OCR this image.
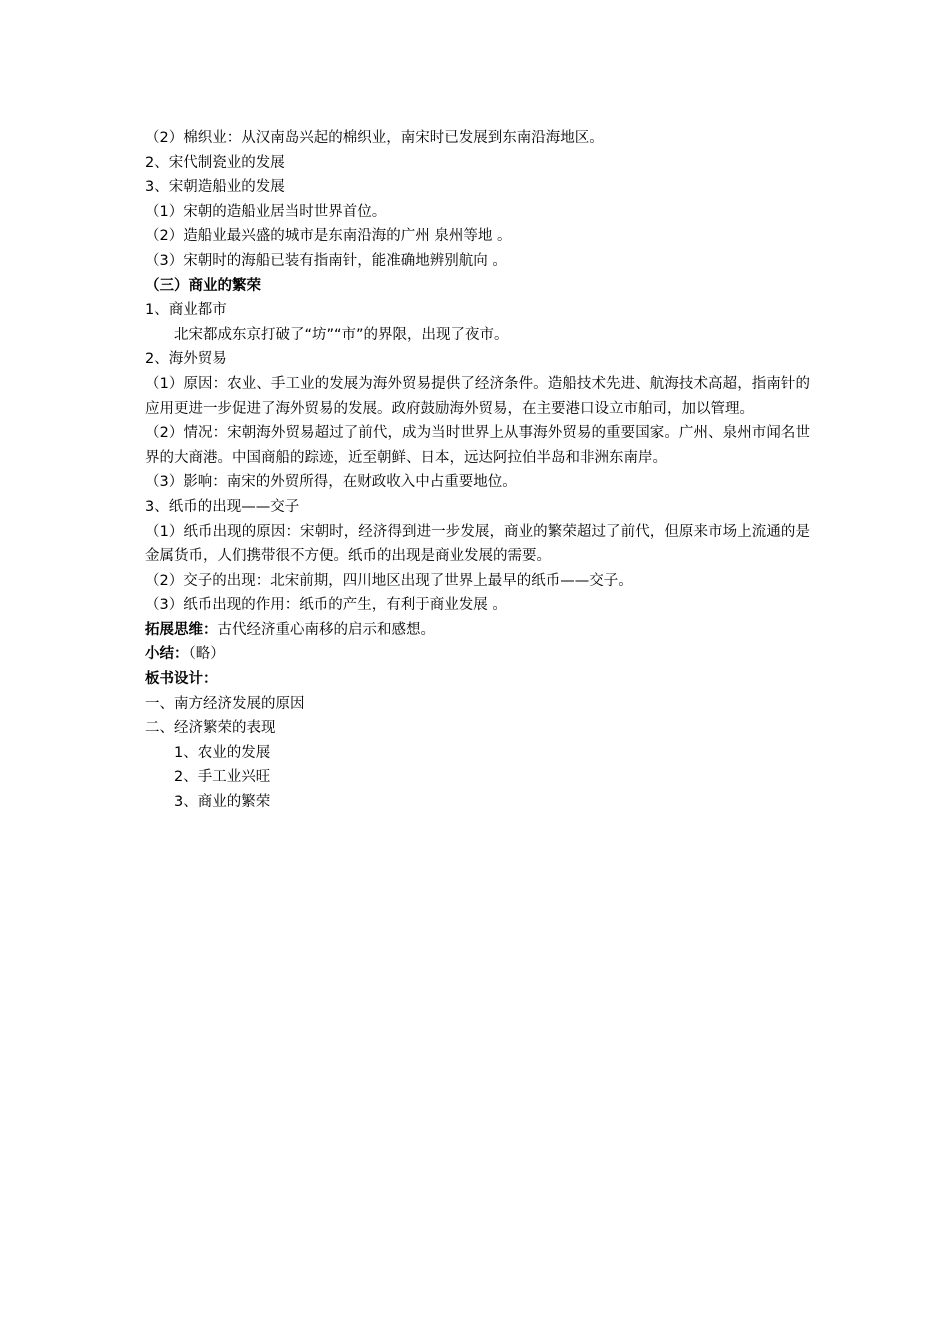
（2）棉织业：从汉南岛兴起的棉织业，南宋时已发展到东南沿海地区。
2、宋代制瓷业的发展
3、宋朝造船业的发展
（1）宋朝的造船业居当时世界首位。
（2）造船业最兴盛的城市是东南沿海的广州 泉州等地 。
（3）宋朝时的海船已装有指南针，能准确地辨别航向 。
（三）商业的繁荣
1、商业都市
北宋都成东京打破了“坊”“市”的界限，出现了夜市。
2、海外贸易
（1）原因：农业、手工业的发展为海外贸易提供了经济条件。造船技术先进、航海技术高超，指南针的应用更进一步促进了海外贸易的发展。政府鼓励海外贸易，在主要港口设立市舶司，加以管理。
（2）情况：宋朝海外贸易超过了前代，成为当时世界上从事海外贸易的重要国家。广州、泉州市闻名世界的大商港。中国商船的踪迹，近至朝鲜、日本，远达阿拉伯半岛和非洲东南岸。
（3）影响：南宋的外贸所得，在财政收入中占重要地位。
3、纸币的出现——交子
（1）纸币出现的原因：宋朝时，经济得到进一步发展，商业的繁荣超过了前代，但原来市场上流通的是金属货币，人们携带很不方便。纸币的出现是商业发展的需要。
（2）交子的出现：北宋前期，四川地区出现了世界上最早的纸币——交子。
（3）纸币出现的作用：纸币的产生，有利于商业发展 。
拓展思维：古代经济重心南移的启示和感想。
小结：（略）
板书设计：
一、南方经济发展的原因
二、经济繁荣的表现
1、农业的发展
2、手工业兴旺
3、商业的繁荣
